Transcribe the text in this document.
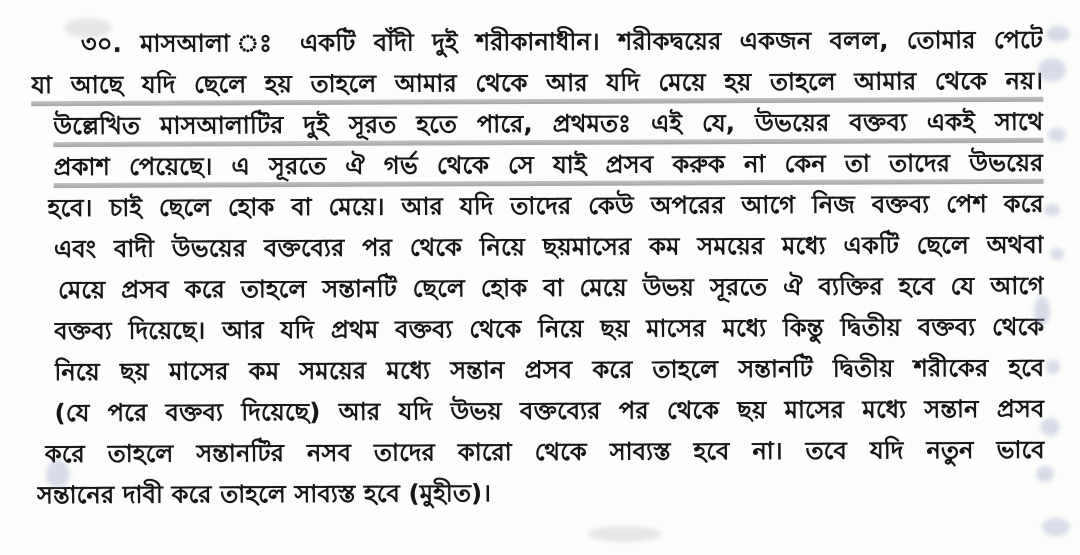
৩০. মাসআলা ঃ একটি বাঁদী দুই শরীকানাধীন। শরীকদ্বয়ের একজন বলল, তোমার পেটে
যা আছে যদি ছেলে হয় তাহলে আমার থেকে আর যদি মেয়ে হয় তাহলে আমার থেকে নয়।
উল্লেখিত মাসআলাটির দুই সূরত হতে পারে, প্রথমতঃ এই যে, উভয়ের বক্তব্য একই সাথে
প্রকাশ পেয়েছে। এ সূরতে ঐ গর্ভ থেকে সে যাই প্রসব করুক না কেন তা তাদের উভয়ের
হবে। চাই ছেলে হোক বা মেয়ে। আর যদি তাদের কেউ অপরের আগে নিজ বক্তব্য পেশ করে
এবং বাদী উভয়ের বক্তব্যের পর থেকে নিয়ে ছয়মাসের কম সময়ের মধ্যে একটি ছেলে অথবা
মেয়ে প্রসব করে তাহলে সন্তানটি ছেলে হোক বা মেয়ে উভয় সূরতে ঐ ব্যক্তির হবে যে আগে
বক্তব্য দিয়েছে। আর যদি প্রথম বক্তব্য থেকে নিয়ে ছয় মাসের মধ্যে কিন্তু দ্বিতীয় বক্তব্য থেকে
নিয়ে ছয় মাসের কম সময়ের মধ্যে সন্তান প্রসব করে তাহলে সন্তানটি দ্বিতীয় শরীকের হবে
(যে পরে বক্তব্য দিয়েছে) আর যদি উভয় বক্তব্যের পর থেকে ছয় মাসের মধ্যে সন্তান প্রসব
করে তাহলে সন্তানটির নসব তাদের কারো থেকে সাব্যস্ত হবে না। তবে যদি নতুন ভাবে
সন্তানের দাবী করে তাহলে সাব্যস্ত হবে (মুহীত)।
